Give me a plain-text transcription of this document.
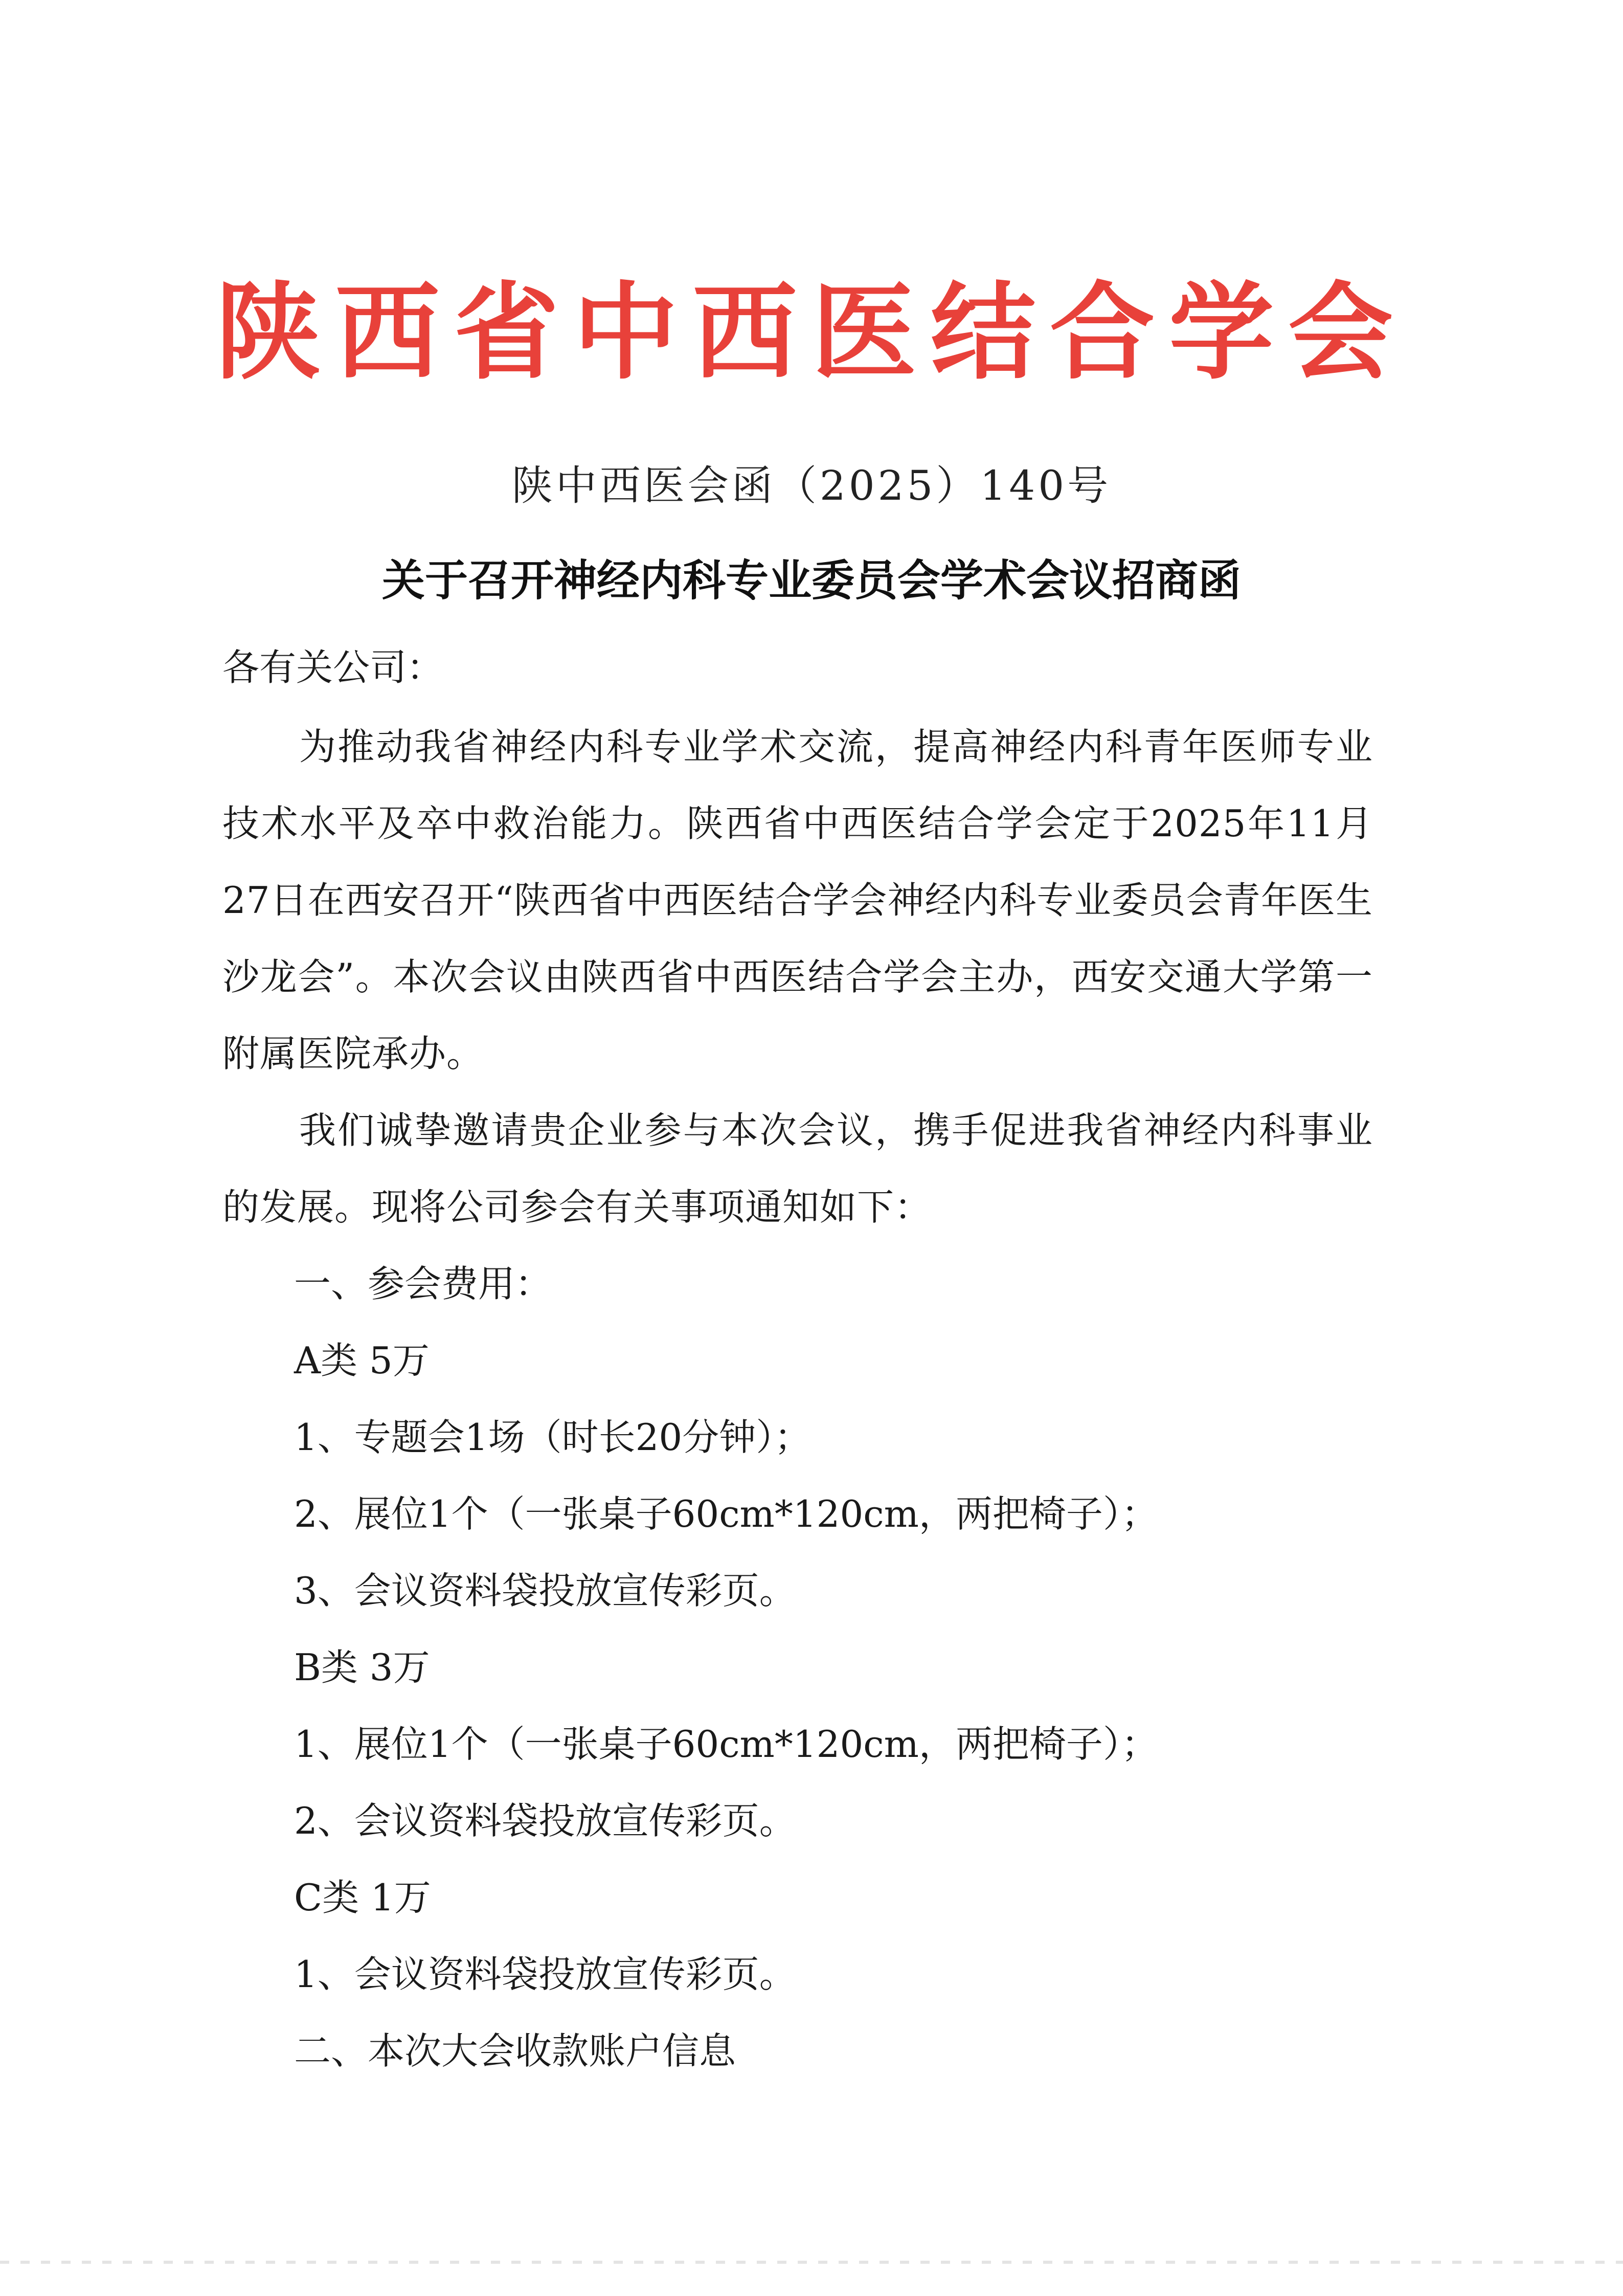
陕西省中西医结合学会
陕中西医会函（2025）140号
关于召开神经内科专业委员会学术会议招商函
各有关公司：
为推动我省神经内科专业学术交流，提高神经内科青年医师专业技术水平及卒中救治能力。陕西省中西医结合学会定于2025年11月27日在西安召开“陕西省中西医结合学会神经内科专业委员会青年医生沙龙会”。本次会议由陕西省中西医结合学会主办，西安交通大学第一附属医院承办。
我们诚挚邀请贵企业参与本次会议，携手促进我省神经内科事业的发展。现将公司参会有关事项通知如下：
一、参会费用：
A类 5万
1、专题会1场（时长20分钟）；
2、展位1个（一张桌子60cm*120cm，两把椅子）；
3、会议资料袋投放宣传彩页。
B类 3万
1、展位1个（一张桌子60cm*120cm，两把椅子）；
2、会议资料袋投放宣传彩页。
C类 1万
1、会议资料袋投放宣传彩页。
二、本次大会收款账户信息
